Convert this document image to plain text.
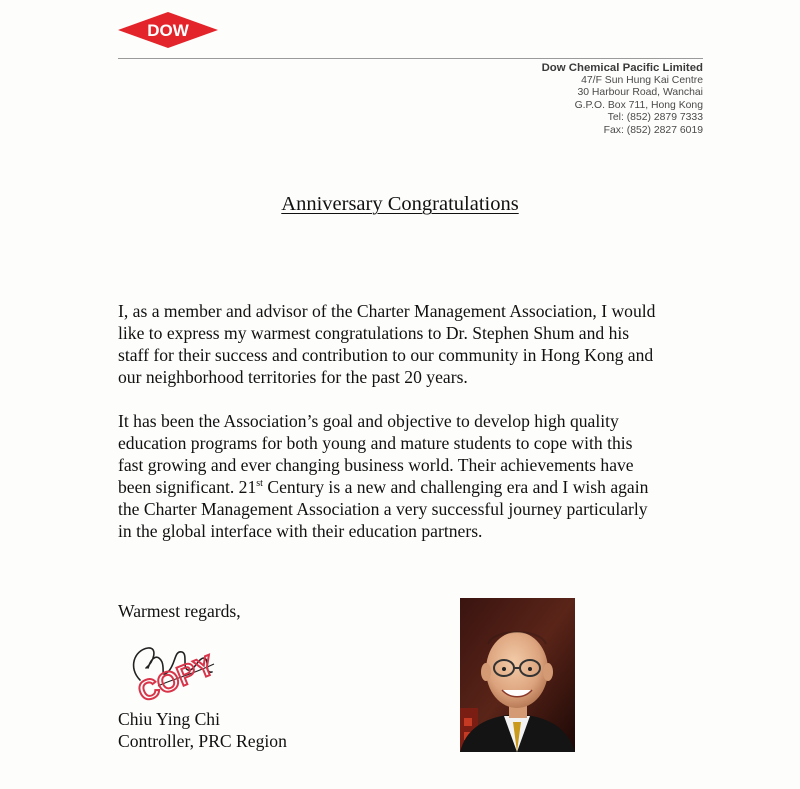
DOW
Dow Chemical Pacific Limited
47/F Sun Hung Kai Centre
30 Harbour Road, Wanchai
G.P.O. Box 711, Hong Kong
Tel: (852) 2879 7333
Fax: (852) 2827 6019
Anniversary Congratulations
I, as a member and advisor of the Charter Management Association, I would
like to express my warmest congratulations to Dr. Stephen Shum and his
staff for their success and contribution to our community in Hong Kong and
our neighborhood territories for the past 20 years.
It has been the Association’s goal and objective to develop high quality
education programs for both young and mature students to cope with this
fast growing and ever changing business world. Their achievements have
been significant. 21st Century is a new and challenging era and I wish again
the Charter Management Association a very successful journey particularly
in the global interface with their education partners.
Warmest regards,
COPY
Chiu Ying Chi
Controller, PRC Region
